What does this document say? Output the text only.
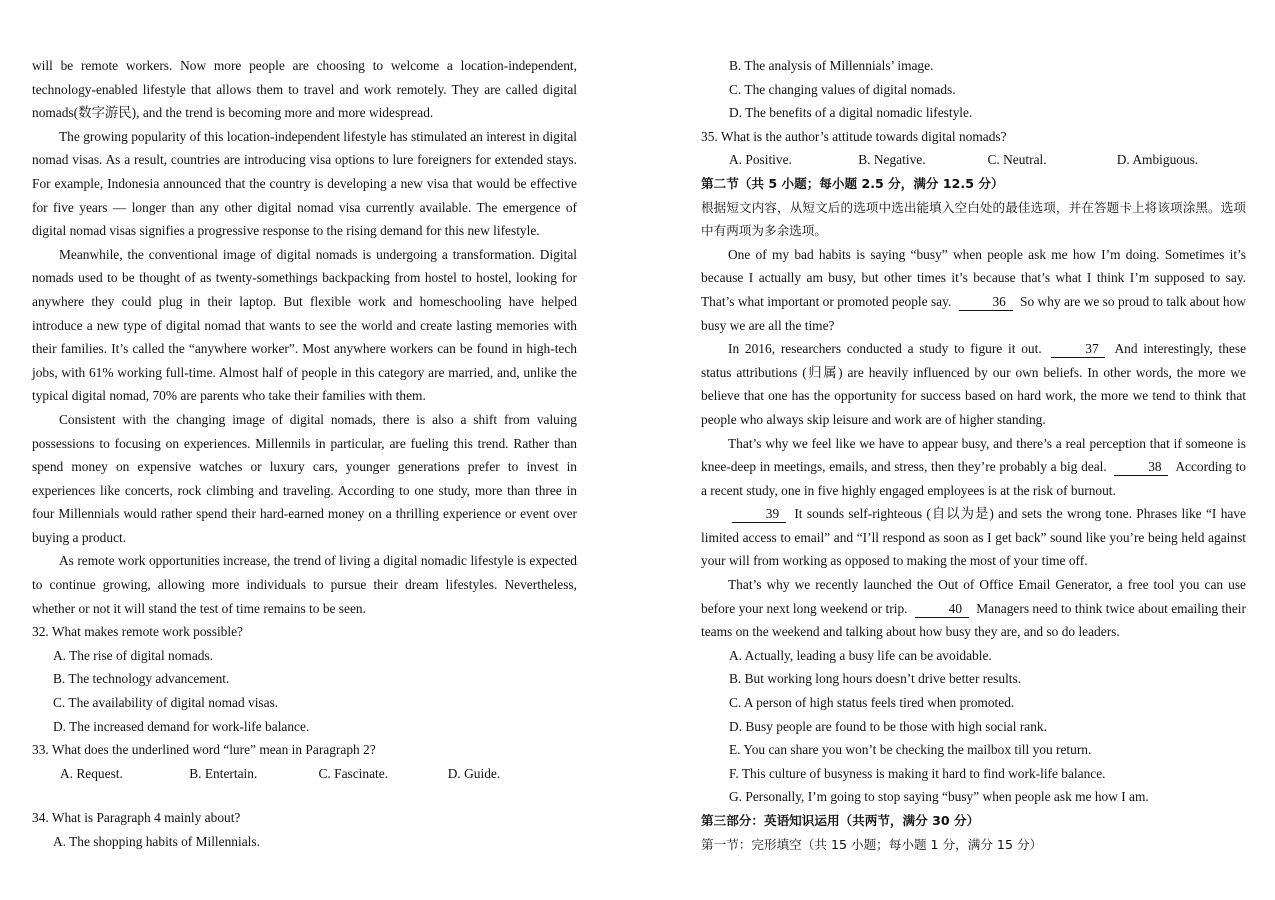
will be remote workers. Now more people are choosing to welcome a location-independent, technology-enabled lifestyle that allows them to travel and work remotely. They are called digital nomads(数字游民), and the trend is becoming more and more widespread.

The growing popularity of this location-independent lifestyle has stimulated an interest in digital nomad visas. As a result, countries are introducing visa options to lure foreigners for extended stays. For example, Indonesia announced that the country is developing a new visa that would be effective for five years — longer than any other digital nomad visa currently available. The emergence of digital nomad visas signifies a progressive response to the rising demand for this new lifestyle.

Meanwhile, the conventional image of digital nomads is undergoing a transformation. Digital nomads used to be thought of as twenty-somethings backpacking from hostel to hostel, looking for anywhere they could plug in their laptop. But flexible work and homeschooling have helped introduce a new type of digital nomad that wants to see the world and create lasting memories with their families. It’s called the “anywhere worker”. Most anywhere workers can be found in high-tech jobs, with 61% working full-time. Almost half of people in this category are married, and, unlike the typical digital nomad, 70% are parents who take their families with them.

Consistent with the changing image of digital nomads, there is also a shift from valuing possessions to focusing on experiences. Millennils in particular, are fueling this trend. Rather than spend money on expensive watches or luxury cars, younger generations prefer to invest in experiences like concerts, rock climbing and traveling. According to one study, more than three in four Millennials would rather spend their hard-earned money on a thrilling experience or event over buying a product.

As remote work opportunities increase, the trend of living a digital nomadic lifestyle is expected to continue growing, allowing more individuals to pursue their dream lifestyles. Nevertheless, whether or not it will stand the test of time remains to be seen.

32. What makes remote work possible?

A. The rise of digital nomads.

B. The technology advancement.

C. The availability of digital nomad visas.

D. The increased demand for work-life balance.

33. What does the underlined word “lure” mean in Paragraph 2?

A. Request.	B. Entertain.	C. Fascinate.	D. Guide.

34. What is Paragraph 4 mainly about?

A. The shopping habits of Millennials.

B. The analysis of Millennials’ image.

C. The changing values of digital nomads.

D. The benefits of a digital nomadic lifestyle.

35. What is the author’s attitude towards digital nomads?

A. Positive.	B. Negative.	C. Neutral.	D. Ambiguous.

第二节（共 5 小题；每小题 2.5 分，满分 12.5 分）

根据短文内容，从短文后的选项中选出能填入空白处的最佳选项，并在答题卡上将该项涂黑。选项中有两项为多余选项。

One of my bad habits is saying “busy” when people ask me how I’m doing. Sometimes it’s because I actually am busy, but other times it’s because that’s what I think I’m supposed to say. That’s what important or promoted people say.	36 So why are we so proud to talk about how busy we are all the time?

In 2016, researchers conducted a study to figure it out.	37 And interestingly, these status attributions (归属) are heavily influenced by our own beliefs. In other words, the more we believe that one has the opportunity for success based on hard work, the more we tend to think that people who always skip leisure and work are of higher standing.

That’s why we feel like we have to appear busy, and there’s a real perception that if someone is knee-deep in meetings, emails, and stress, then they’re probably a big deal.	38 According to a recent study, one in five highly engaged employees is at the risk of burnout.

39 It sounds self-righteous (自以为是) and sets the wrong tone. Phrases like “I have limited access to email” and “I’ll respond as soon as I get back” sound like you’re being held against your will from working as opposed to making the most of your time off.

That’s why we recently launched the Out of Office Email Generator, a free tool you can use before your next long weekend or trip.	40 Managers need to think twice about emailing their teams on the weekend and talking about how busy they are, and so do leaders.

A. Actually, leading a busy life can be avoidable.

B. But working long hours doesn’t drive better results.

C. A person of high status feels tired when promoted.

D. Busy people are found to be those with high social rank.

E. You can share you won’t be checking the mailbox till you return.

F. This culture of busyness is making it hard to find work-life balance.

G. Personally, I’m going to stop saying “busy” when people ask me how I am.

第三部分：英语知识运用（共两节，满分 30 分）

第一节：完形填空（共 15 小题；每小题 1 分，满分 15 分）
